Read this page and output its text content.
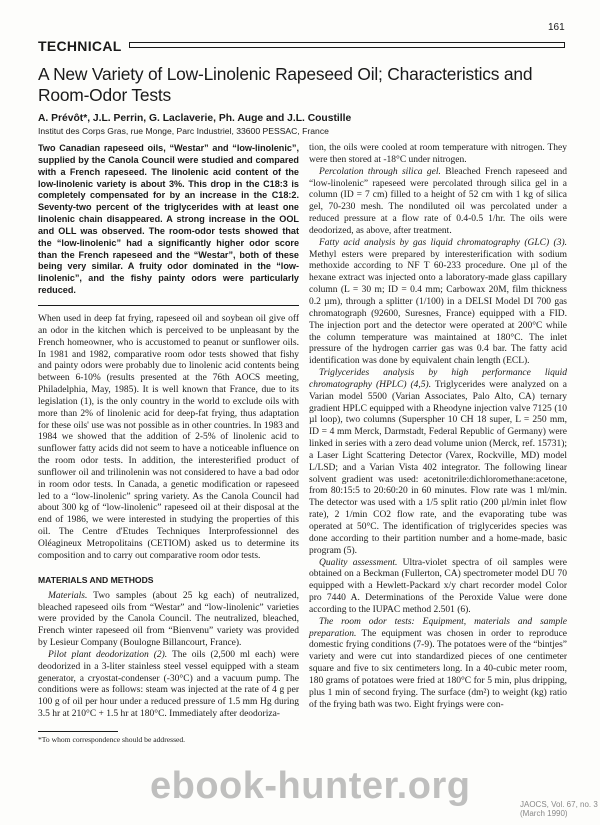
161
TECHNICAL
A New Variety of Low-Linolenic Rapeseed Oil; Characteristics and Room-Odor Tests
A. Prévôt*, J.L. Perrin, G. Laclaverie, Ph. Auge and J.L. Coustille
Institut des Corps Gras, rue Monge, Parc Industriel, 33600 PESSAC, France

Two Canadian rapeseed oils, “Westar” and “low-linolenic”, supplied by the Canola Council were studied and compared with a French rapeseed. The linolenic acid content of the low-linolenic variety is about 3%. This drop in the C18:3 is completely compensated for by an increase in the C18:2. Seventy-two percent of the triglycerides with at least one linolenic chain disappeared. A strong increase in the OOL and OLL was observed. The room-odor tests showed that the “low-linolenic” had a significantly higher odor score than the French rapeseed and the “Westar”, both of these being very similar. A fruity odor dominated in the “low- linolenic”, and the fishy painty odors were particularly reduced.

When used in deep fat frying, rapeseed oil and soybean oil give off an odor in the kitchen which is perceived to be unpleasant by the French homeowner, who is accustomed to peanut or sunflower oils. In 1981 and 1982, comparative room odor tests showed that fishy and painty odors were probably due to linolenic acid contents being between 6-10% (results presented at the 76th AOCS meeting, Philadelphia, May, 1985). It is well known that France, due to its legislation (1), is the only country in the world to exclude oils with more than 2% of linolenic acid for deep-fat frying, thus adaptation for these oils' use was not possible as in other countries. In 1983 and 1984 we showed that the addition of 2-5% of linolenic acid to sunflower fatty acids did not seem to have a noticeable influence on the room odor tests. In addition, the interesterified product of sunflower oil and trilinolenin was not considered to have a bad odor in room odor tests. In Canada, a genetic modification or rapeseed led to a “low-linolenic” spring variety. As the Canola Council had about 300 kg of “low-linolenic” rapeseed oil at their disposal at the end of 1986, we were interested in studying the properties of this oil. The Centre d'Etudes Techniques Interprofessionnel des Oléagineux Metropolitains (CETIOM) asked us to determine its composition and to carry out comparative room odor tests.

MATERIALS AND METHODS

Materials. Two samples (about 25 kg each) of neutralized, bleached rapeseed oils from “Westar” and “low-linolenic” varieties were provided by the Canola Council. The neutralized, bleached, French winter rapeseed oil from “Bienvenu” variety was provided by Lesieur Company (Boulogne Billancourt, France).

Pilot plant deodorization (2). The oils (2,500 ml each) were deodorized in a 3-liter stainless steel vessel equipped with a steam generator, a cryostat-condenser (-30°C) and a vacuum pump. The conditions were as follows: steam was injected at the rate of 4 g per 100 g of oil per hour under a reduced pressure of 1.5 mm Hg during 3.5 hr at 210°C + 1.5 hr at 180°C. Immediately after deodoriza-

*To whom correspondence should be addressed.

tion, the oils were cooled at room temperature with nitrogen. They were then stored at -18°C under nitrogen.

Percolation through silica gel. Bleached French rapeseed and “low-linolenic” rapeseed were percolated through silica gel in a column (ID = 7 cm) filled to a height of 52 cm with 1 kg of silica gel, 70-230 mesh. The nondiluted oil was percolated under a reduced pressure at a flow rate of 0.4-0.5 1/hr. The oils were deodorized, as above, after treatment.

Fatty acid analysis by gas liquid chromatography (GLC) (3). Methyl esters were prepared by interesterification with sodium methoxide according to NF T 60-233 procedure. One µl of the hexane extract was injected onto a laboratory-made glass capillary column (L = 30 m; ID = 0.4 mm; Carbowax 20M, film thickness 0.2 µm), through a splitter (1/100) in a DELSI Model DI 700 gas chromatograph (92600, Suresnes, France) equipped with a FID. The injection port and the detector were operated at 200°C while the column temperature was maintained at 180°C. The inlet pressure of the hydrogen carrier gas was 0.4 bar. The fatty acid identification was done by equivalent chain length (ECL).

Triglycerides analysis by high performance liquid chromatography (HPLC) (4,5). Triglycerides were analyzed on a Varian model 5500 (Varian Associates, Palo Alto, CA) ternary gradient HPLC equipped with a Rheodyne injection valve 7125 (10 µl loop), two columns (Superspher 10 CH 18 super, L = 250 mm, ID = 4 mm Merck, Darmstadt, Federal Republic of Germany) were linked in series with a zero dead volume union (Merck, ref. 15731); a Laser Light Scattering Detector (Varex, Rockville, MD) model L/LSD; and a Varian Vista 402 integrator. The following linear solvent gradient was used: acetonitrile:dichloromethane:acetone, from 80:15:5 to 20:60:20 in 60 minutes. Flow rate was 1 ml/min. The detector was used with a 1/5 split ratio (200 µl/min inlet flow rate), 2 1/min CO2 flow rate, and the evaporating tube was operated at 50°C. The identification of triglycerides species was done according to their partition number and a home-made, basic program (5).

Quality assessment. Ultra-violet spectra of oil samples were obtained on a Beckman (Fullerton, CA) spectrometer model DU 70 equipped with a Hewlett-Packard x/y chart recorder model Color pro 7440 A. Determinations of the Peroxide Value were done according to the IUPAC method 2.501 (6).

The room odor tests: Equipment, materials and sample preparation. The equipment was chosen in order to reproduce domestic frying conditions (7-9). The potatoes were of the “bintjes” variety and were cut into standardized pieces of one centimeter square and five to six centimeters long. In a 40-cubic meter room, 180 grams of potatoes were fried at 180°C for 5 min, plus dripping, plus 1 min of second frying. The surface (dm²) to weight (kg) ratio of the frying bath was two. Eight fryings were con-

JAOCS, Vol. 67, no. 3 (March 1990)
ebook-hunter.org
